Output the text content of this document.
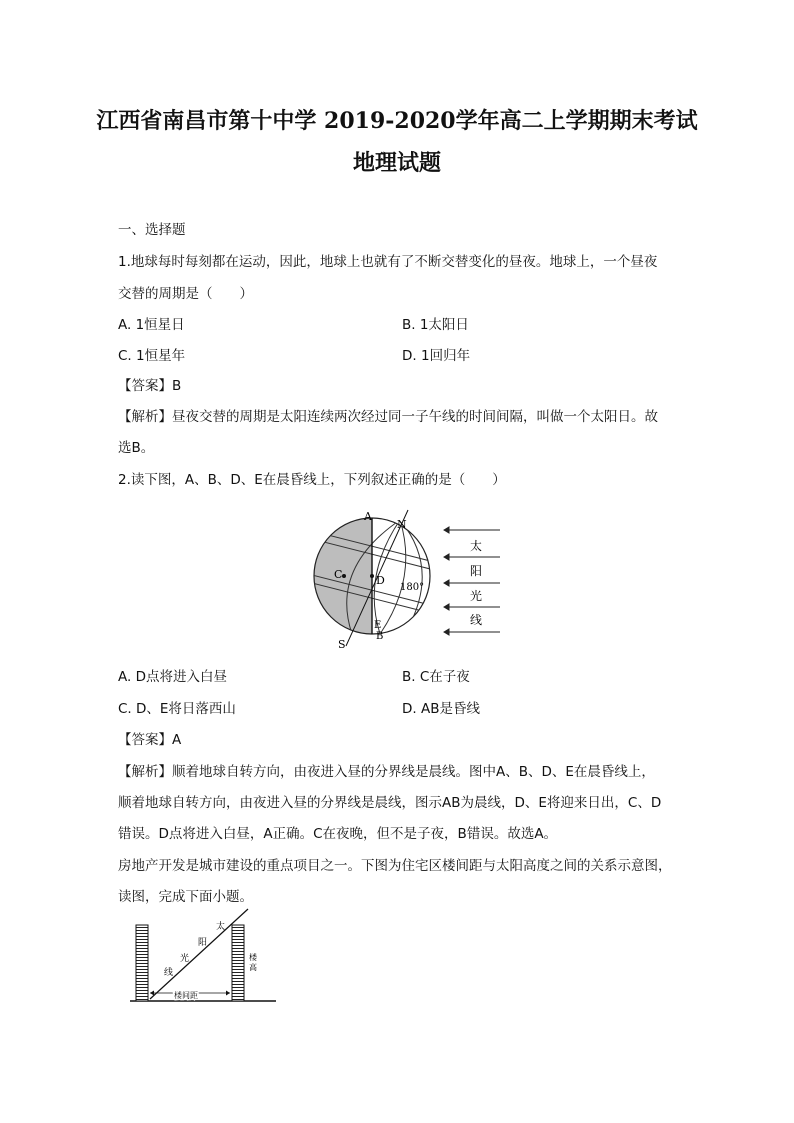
江西省南昌市第十中学 2019-2020学年高二上学期期末考试
地理试题
一、选择题
1.地球每时每刻都在运动，因此，地球上也就有了不断交替变化的昼夜。地球上，一个昼夜
交替的周期是（　　）
A. 1恒星日	B. 1太阳日
C. 1恒星年	D. 1回归年
【答案】B
【解析】昼夜交替的周期是太阳连续两次经过同一子午线的时间间隔，叫做一个太阳日。故
选B。
2.读下图，A、B、D、E在晨昏线上，下列叙述正确的是（　　）
A
N
C	D
180°
E
B
S
太
阳
光
线
A. D点将进入白昼	B. C在子夜
C. D、E将日落西山	D. AB是昏线
【答案】A
【解析】顺着地球自转方向，由夜进入昼的分界线是晨线。图中A、B、D、E在晨昏线上，
顺着地球自转方向，由夜进入昼的分界线是晨线，图示AB为晨线，D、E将迎来日出，C、D
错误。D点将进入白昼，A正确。C在夜晚，但不是子夜，B错误。故选A。
房地产开发是城市建设的重点项目之一。下图为住宅区楼间距与太阳高度之间的关系示意图，
读图，完成下面小题。
楼间距
太
阳
光
线
楼
高
